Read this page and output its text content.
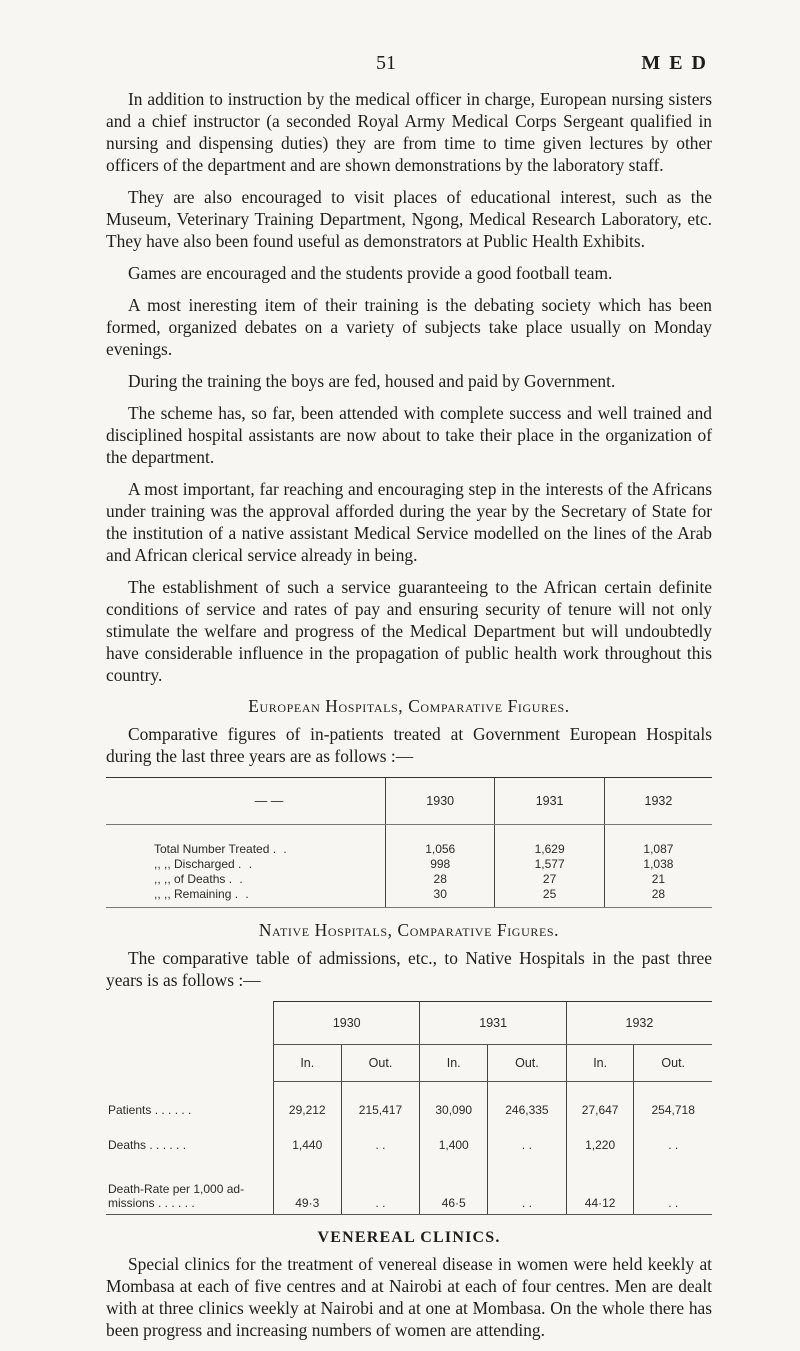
51	M E D

In addition to instruction by the medical officer in charge, European nursing sisters and a chief instructor (a seconded Royal Army Medical Corps Sergeant qualified in nursing and dispensing duties) they are from time to time given lectures by other officers of the department and are shown demonstrations by the laboratory staff.

They are also encouraged to visit places of educational interest, such as the Museum, Veterinary Training Department, Ngong, Medical Research Laboratory, etc. They have also been found useful as demonstrators at Public Health Exhibits.

Games are encouraged and the students provide a good football team.

A most ineresting item of their training is the debating society which has been formed, organized debates on a variety of subjects take place usually on Monday evenings.

During the training the boys are fed, housed and paid by Government.

The scheme has, so far, been attended with complete success and well trained and disciplined hospital assistants are now about to take their place in the organization of the department.

A most important, far reaching and encouraging step in the interests of the Africans under training was the approval afforded during the year by the Secretary of State for the institution of a native assistant Medical Service modelled on the lines of the Arab and African clerical service already in being.

The establishment of such a service guaranteeing to the African certain definite conditions of service and rates of pay and ensuring security of tenure will not only stimulate the welfare and progress of the Medical Department but will undoubtedly have considerable influence in the propagation of public health work throughout this country.

European Hospitals, Comparative Figures.

Comparative figures of in-patients treated at Government European Hospitals during the last three years are as follows :—

— —	1930	1931	1932
Total Number Treated . .	1,056	1,629	1,087
,, ,, Discharged . .	998	1,577	1,038
,, ,, of Deaths . .	28	27	21
,, ,, Remaining . .	30	25	28
Native Hospitals, Comparative Figures.

The comparative table of admissions, etc., to Native Hospitals in the past three years is as follows :—

	1930		1931		1932	
	In.	Out.	In.	Out.	In.	Out.
Patients . . . . . .	29,212	215,417	30,090	246,335	27,647	254,718
Deaths . . . . . .	1,440	. .	1,400	. .	1,220	. .
Death-Rate per 1,000 ad-
missions . . . . . .	49·3	. .	46·5	. .	44·12	. .
VENEREAL CLINICS.

Special clinics for the treatment of venereal disease in women were held keekly at Mombasa at each of five centres and at Nairobi at each of four centres. Men are dealt with at three clinics weekly at Nairobi and at one at Mombasa. On the whole there has been progress and increasing numbers of women are attending.
